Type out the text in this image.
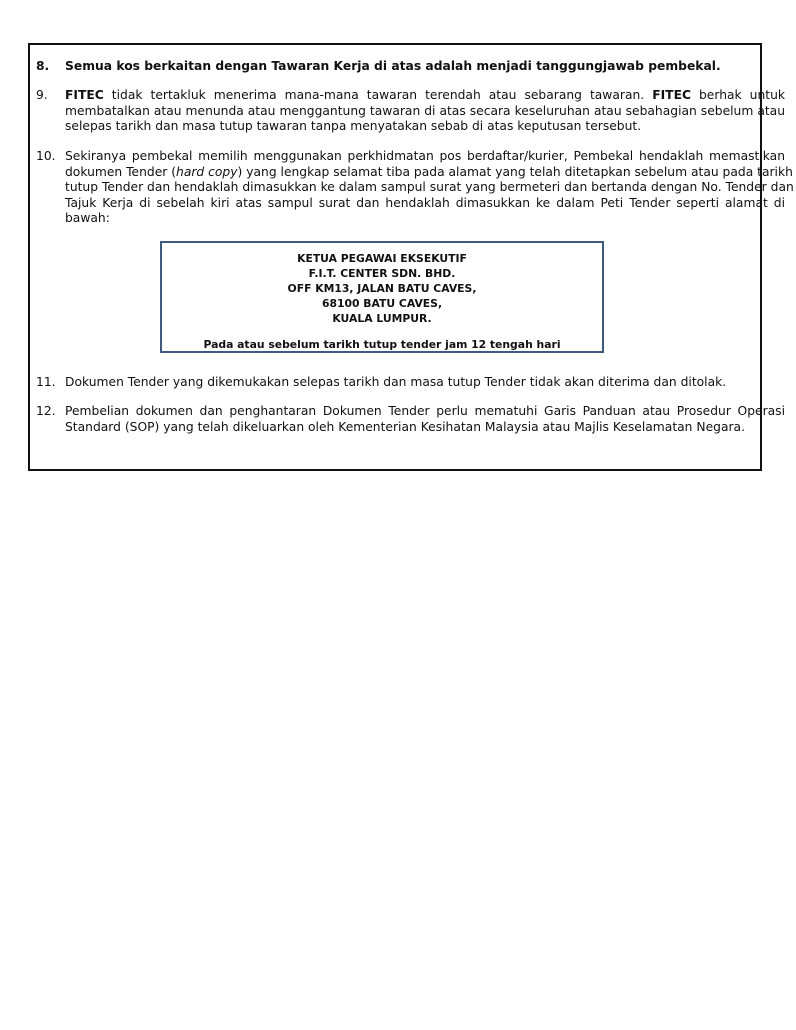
8. Semua kos berkaitan dengan Tawaran Kerja di atas adalah menjadi tanggungjawab pembekal.
9. FITEC tidak tertakluk menerima mana-mana tawaran terendah atau sebarang tawaran. FITEC berhak untuk
membatalkan atau menunda atau menggantung tawaran di atas secara keseluruhan atau sebahagian sebelum atau
selepas tarikh dan masa tutup tawaran tanpa menyatakan sebab di atas keputusan tersebut.
10. Sekiranya pembekal memilih menggunakan perkhidmatan pos berdaftar/kurier, Pembekal hendaklah memastikan
dokumen Tender (hard copy) yang lengkap selamat tiba pada alamat yang telah ditetapkan sebelum atau pada tarikh
tutup Tender dan hendaklah dimasukkan ke dalam sampul surat yang bermeteri dan bertanda dengan No. Tender dan
Tajuk Kerja di sebelah kiri atas sampul surat dan hendaklah dimasukkan ke dalam Peti Tender seperti alamat di
bawah:
KETUA PEGAWAI EKSEKUTIF
F.I.T. CENTER SDN. BHD.
OFF KM13, JALAN BATU CAVES,
68100 BATU CAVES,
KUALA LUMPUR.
Pada atau sebelum tarikh tutup tender jam 12 tengah hari
11. Dokumen Tender yang dikemukakan selepas tarikh dan masa tutup Tender tidak akan diterima dan ditolak.
12. Pembelian dokumen dan penghantaran Dokumen Tender perlu mematuhi Garis Panduan atau Prosedur Operasi
Standard (SOP) yang telah dikeluarkan oleh Kementerian Kesihatan Malaysia atau Majlis Keselamatan Negara.
